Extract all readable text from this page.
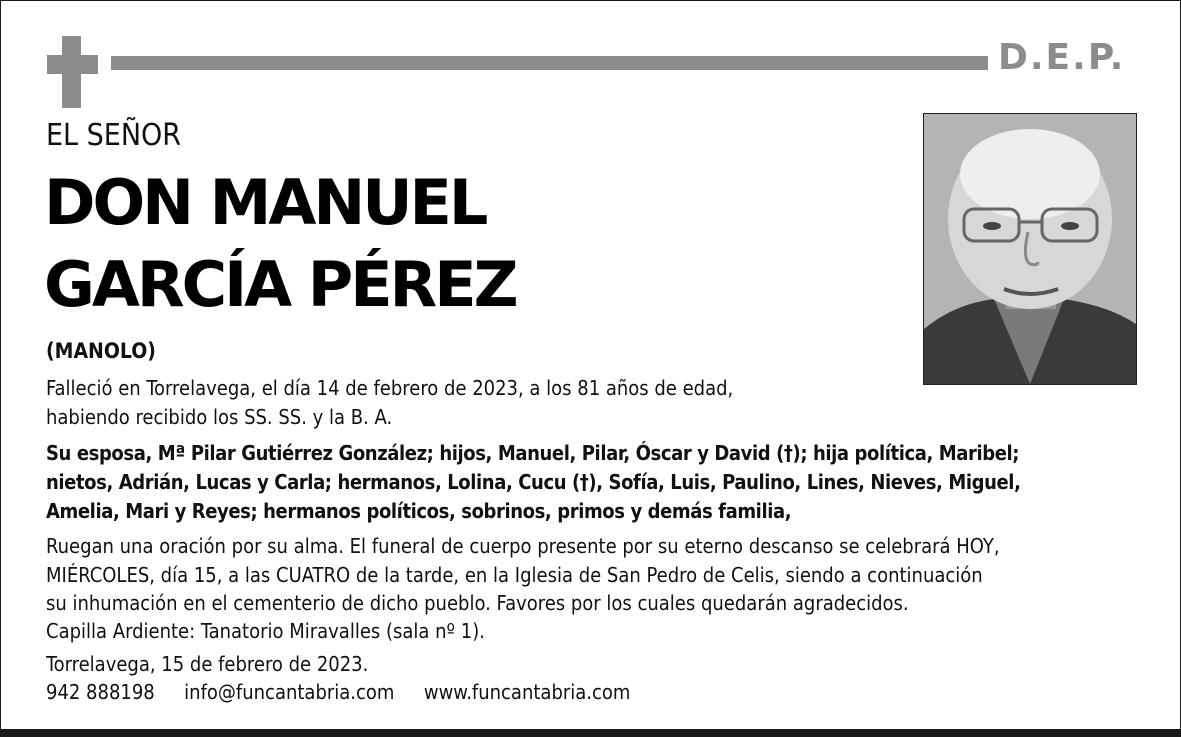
D.E.P.
EL SEÑOR
DON MANUEL
GARCÍA PÉREZ
(MANOLO)
Falleció en Torrelavega, el día 14 de febrero de 2023, a los 81 años de edad,
habiendo recibido los SS. SS. y la B. A.
Su esposa, Mª Pilar Gutiérrez González; hijos, Manuel, Pilar, Óscar y David (†); hija política, Maribel;
nietos, Adrián, Lucas y Carla; hermanos, Lolina, Cucu (†), Sofía, Luis, Paulino, Lines, Nieves, Miguel,
Amelia, Mari y Reyes; hermanos políticos, sobrinos, primos y demás familia,
Ruegan una oración por su alma. El funeral de cuerpo presente por su eterno descanso se celebrará HOY,
MIÉRCOLES, día 15, a las CUATRO de la tarde, en la Iglesia de San Pedro de Celis, siendo a continuación
su inhumación en el cementerio de dicho pueblo. Favores por los cuales quedarán agradecidos.
Capilla Ardiente: Tanatorio Miravalles (sala nº 1).
Torrelavega, 15 de febrero de 2023.
942 888198 info@funcantabria.com www.funcantabria.com
